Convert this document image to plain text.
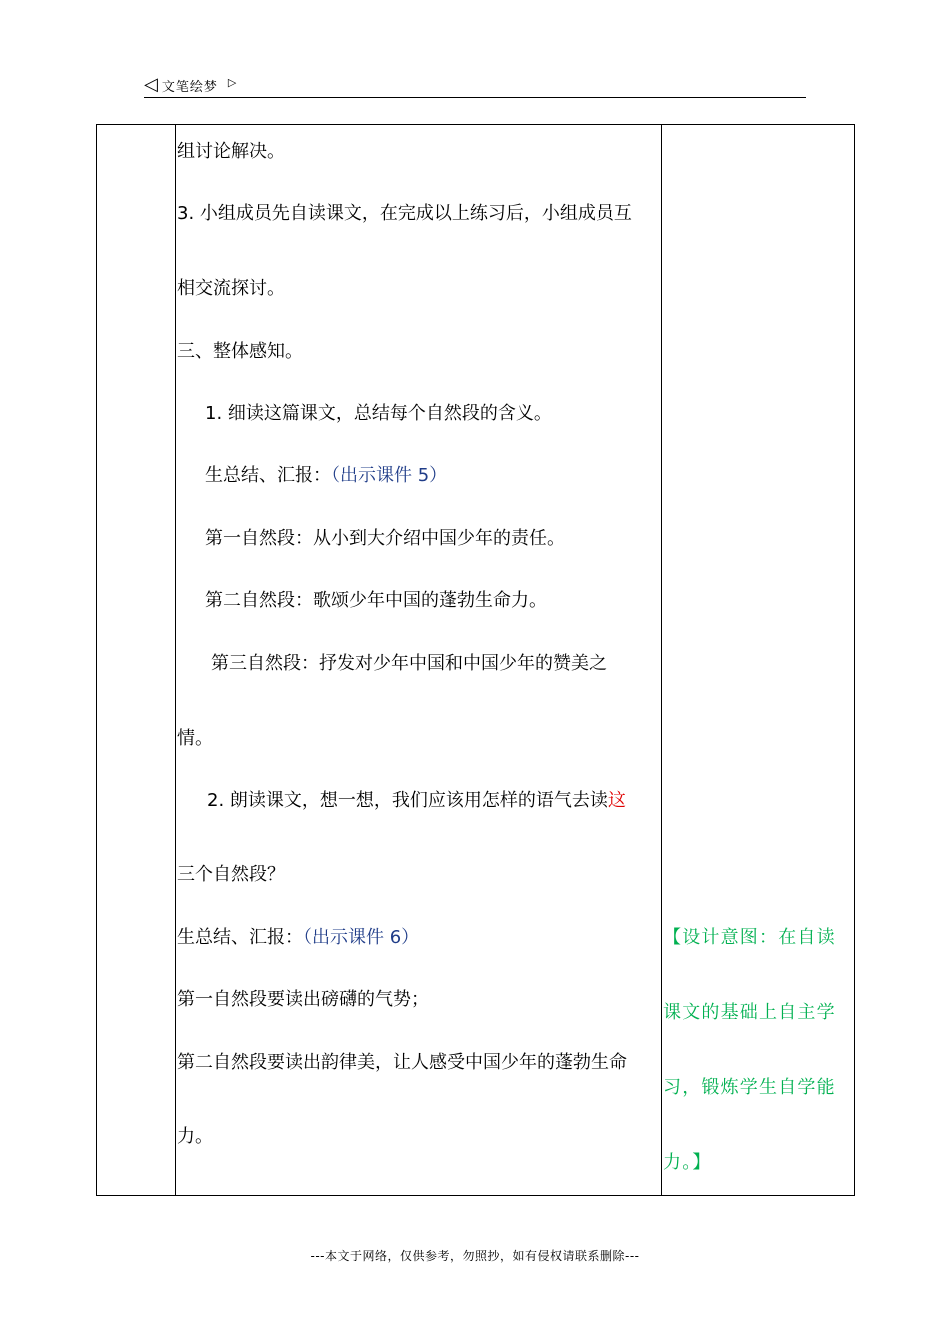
◁ 文笔绘梦 ▷
组讨论解决。
3. 小组成员先自读课文，在完成以上练习后，小组成员互
相交流探讨。
三、整体感知。
1. 细读这篇课文，总结每个自然段的含义。
生总结、汇报：（出示课件 5）
第一自然段：从小到大介绍中国少年的责任。
第二自然段：歌颂少年中国的蓬勃生命力。
第三自然段：抒发对少年中国和中国少年的赞美之
情。
2. 朗读课文，想一想，我们应该用怎样的语气去读这
三个自然段？
生总结、汇报：（出示课件 6）
第一自然段要读出磅礴的气势；
第二自然段要读出韵律美，让人感受中国少年的蓬勃生命
力。
【设计意图：在自读
课文的基础上自主学
习，锻炼学生自学能
力。】
---本文于网络，仅供参考，勿照抄，如有侵权请联系删除---
